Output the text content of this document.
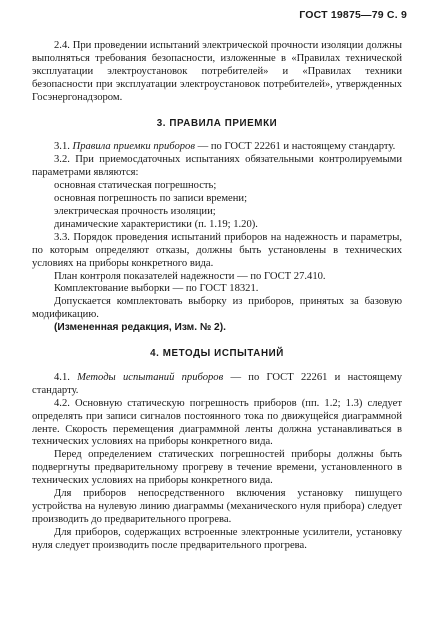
ГОСТ 19875—79 С. 9

2.4. При проведении испытаний электрической прочности изоляции должны выполняться требования безопасности, изложенные в «Правилах технической эксплуатации электроустановок потребителей» и «Правилах техники безопасности при эксплуатации электроустановок потребителей», утвержденных Госэнергонадзором.

3. ПРАВИЛА ПРИЕМКИ

3.1. Правила приемки приборов — по ГОСТ 22261 и настоящему стандарту.

3.2. При приемосдаточных испытаниях обязательными контролируемыми параметрами являются:

основная статическая погрешность;
основная погрешность по записи времени;
электрическая прочность изоляции;
динамические характеристики (п. 1.19; 1.20).

3.3. Порядок проведения испытаний приборов на надежность и параметры, по которым определяют отказы, должны быть установлены в технических условиях на приборы конкретного вида.

План контроля показателей надежности — по ГОСТ 27.410.

Комплектование выборки — по ГОСТ 18321.

Допускается комплектовать выборку из приборов, принятых за базовую модификацию.

(Измененная редакция, Изм. № 2).

4. МЕТОДЫ ИСПЫТАНИЙ

4.1. Методы испытаний приборов — по ГОСТ 22261 и настоящему стандарту.

4.2. Основную статическую погрешность приборов (пп. 1.2; 1.3) следует определять при записи сигналов постоянного тока по движущейся диаграммной ленте. Скорость перемещения диаграммной ленты должна устанавливаться в технических условиях на приборы конкретного вида.

Перед определением статических погрешностей приборы должны быть подвергнуты предварительному прогреву в течение времени, установленного в технических условиях на приборы конкретного вида.

Для приборов непосредственного включения установку пишущего устройства на нулевую линию диаграммы (механического нуля прибора) следует производить до предварительного прогрева.

Для приборов, содержащих встроенные электронные усилители, установку нуля следует производить после предварительного прогрева.
